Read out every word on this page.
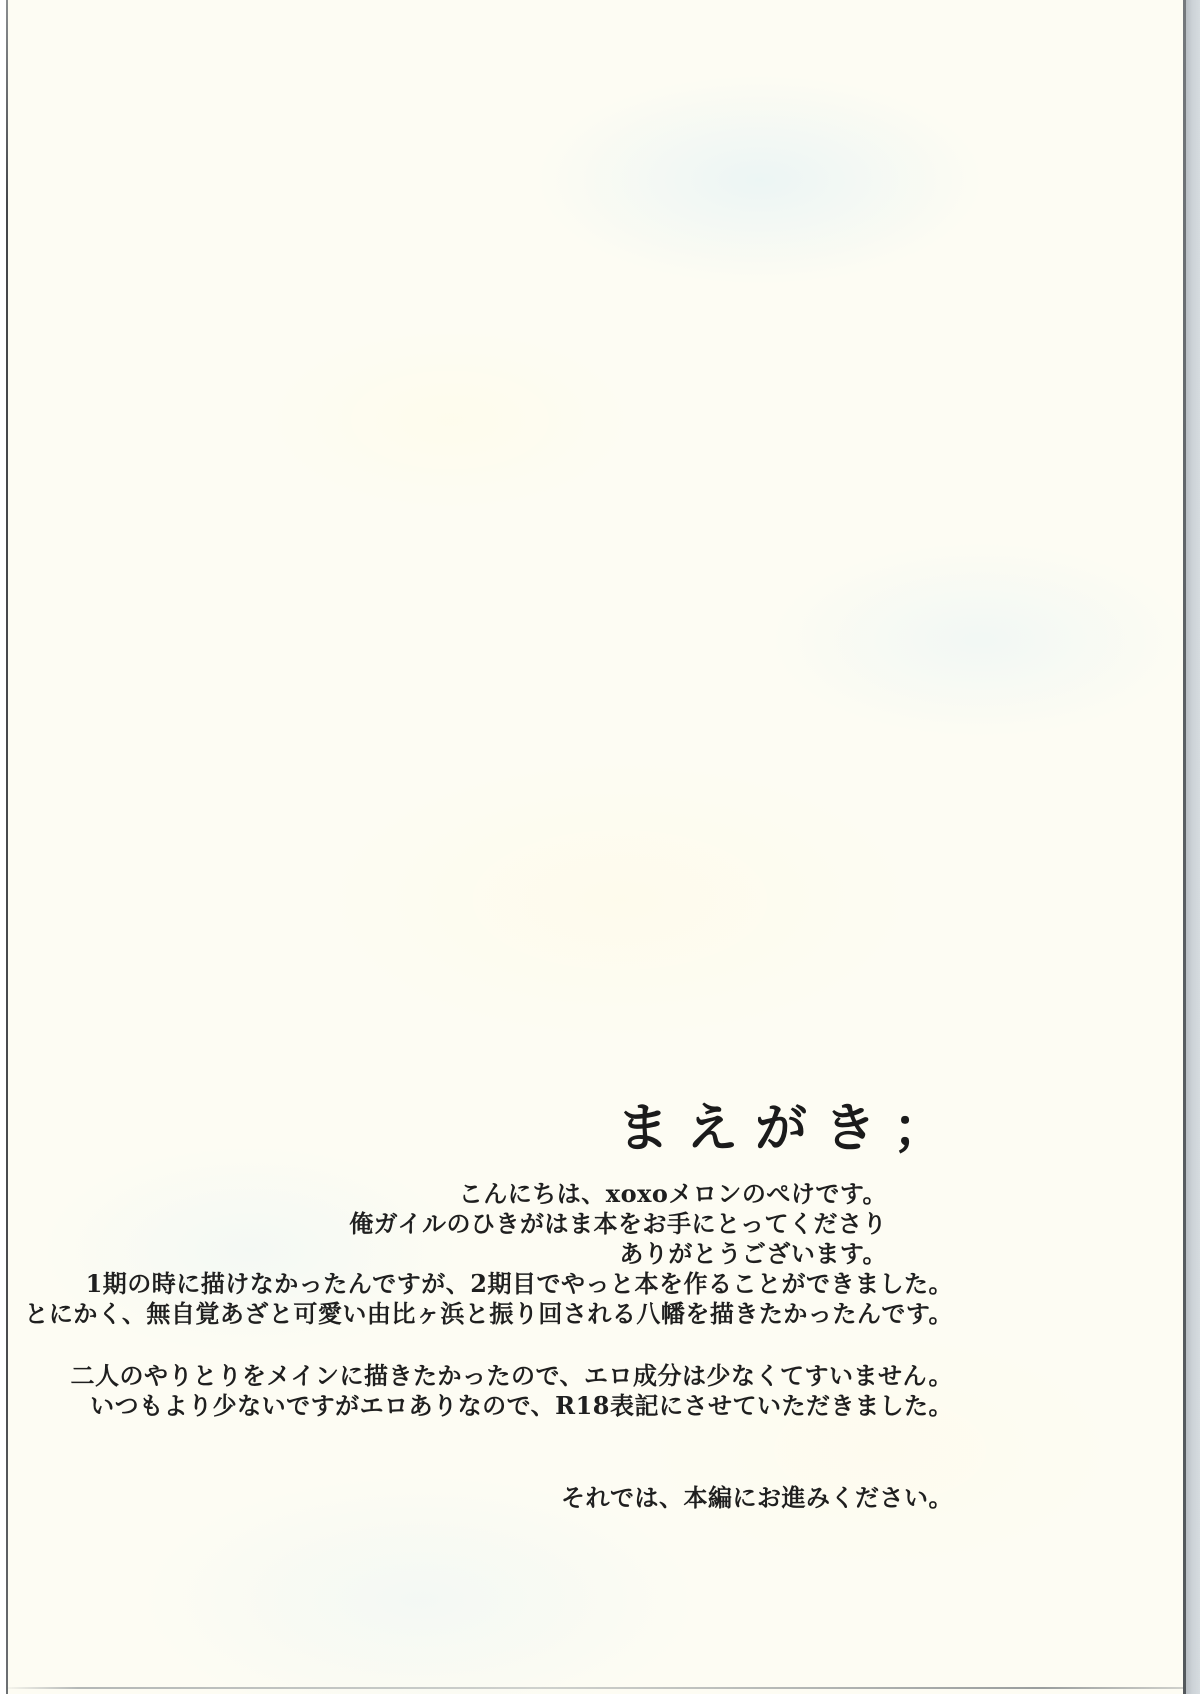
まえがき；
こんにちは、xoxoメロンのぺけです。
俺ガイルのひきがはま本をお手にとってくださり
ありがとうございます。
1期の時に描けなかったんですが、2期目でやっと本を作ることができました。
とにかく、無自覚あざと可愛い由比ヶ浜と振り回される八幡を描きたかったんです。
二人のやりとりをメインに描きたかったので、エロ成分は少なくてすいません。
いつもより少ないですがエロありなので、R18表記にさせていただきました。
それでは、本編にお進みください。
